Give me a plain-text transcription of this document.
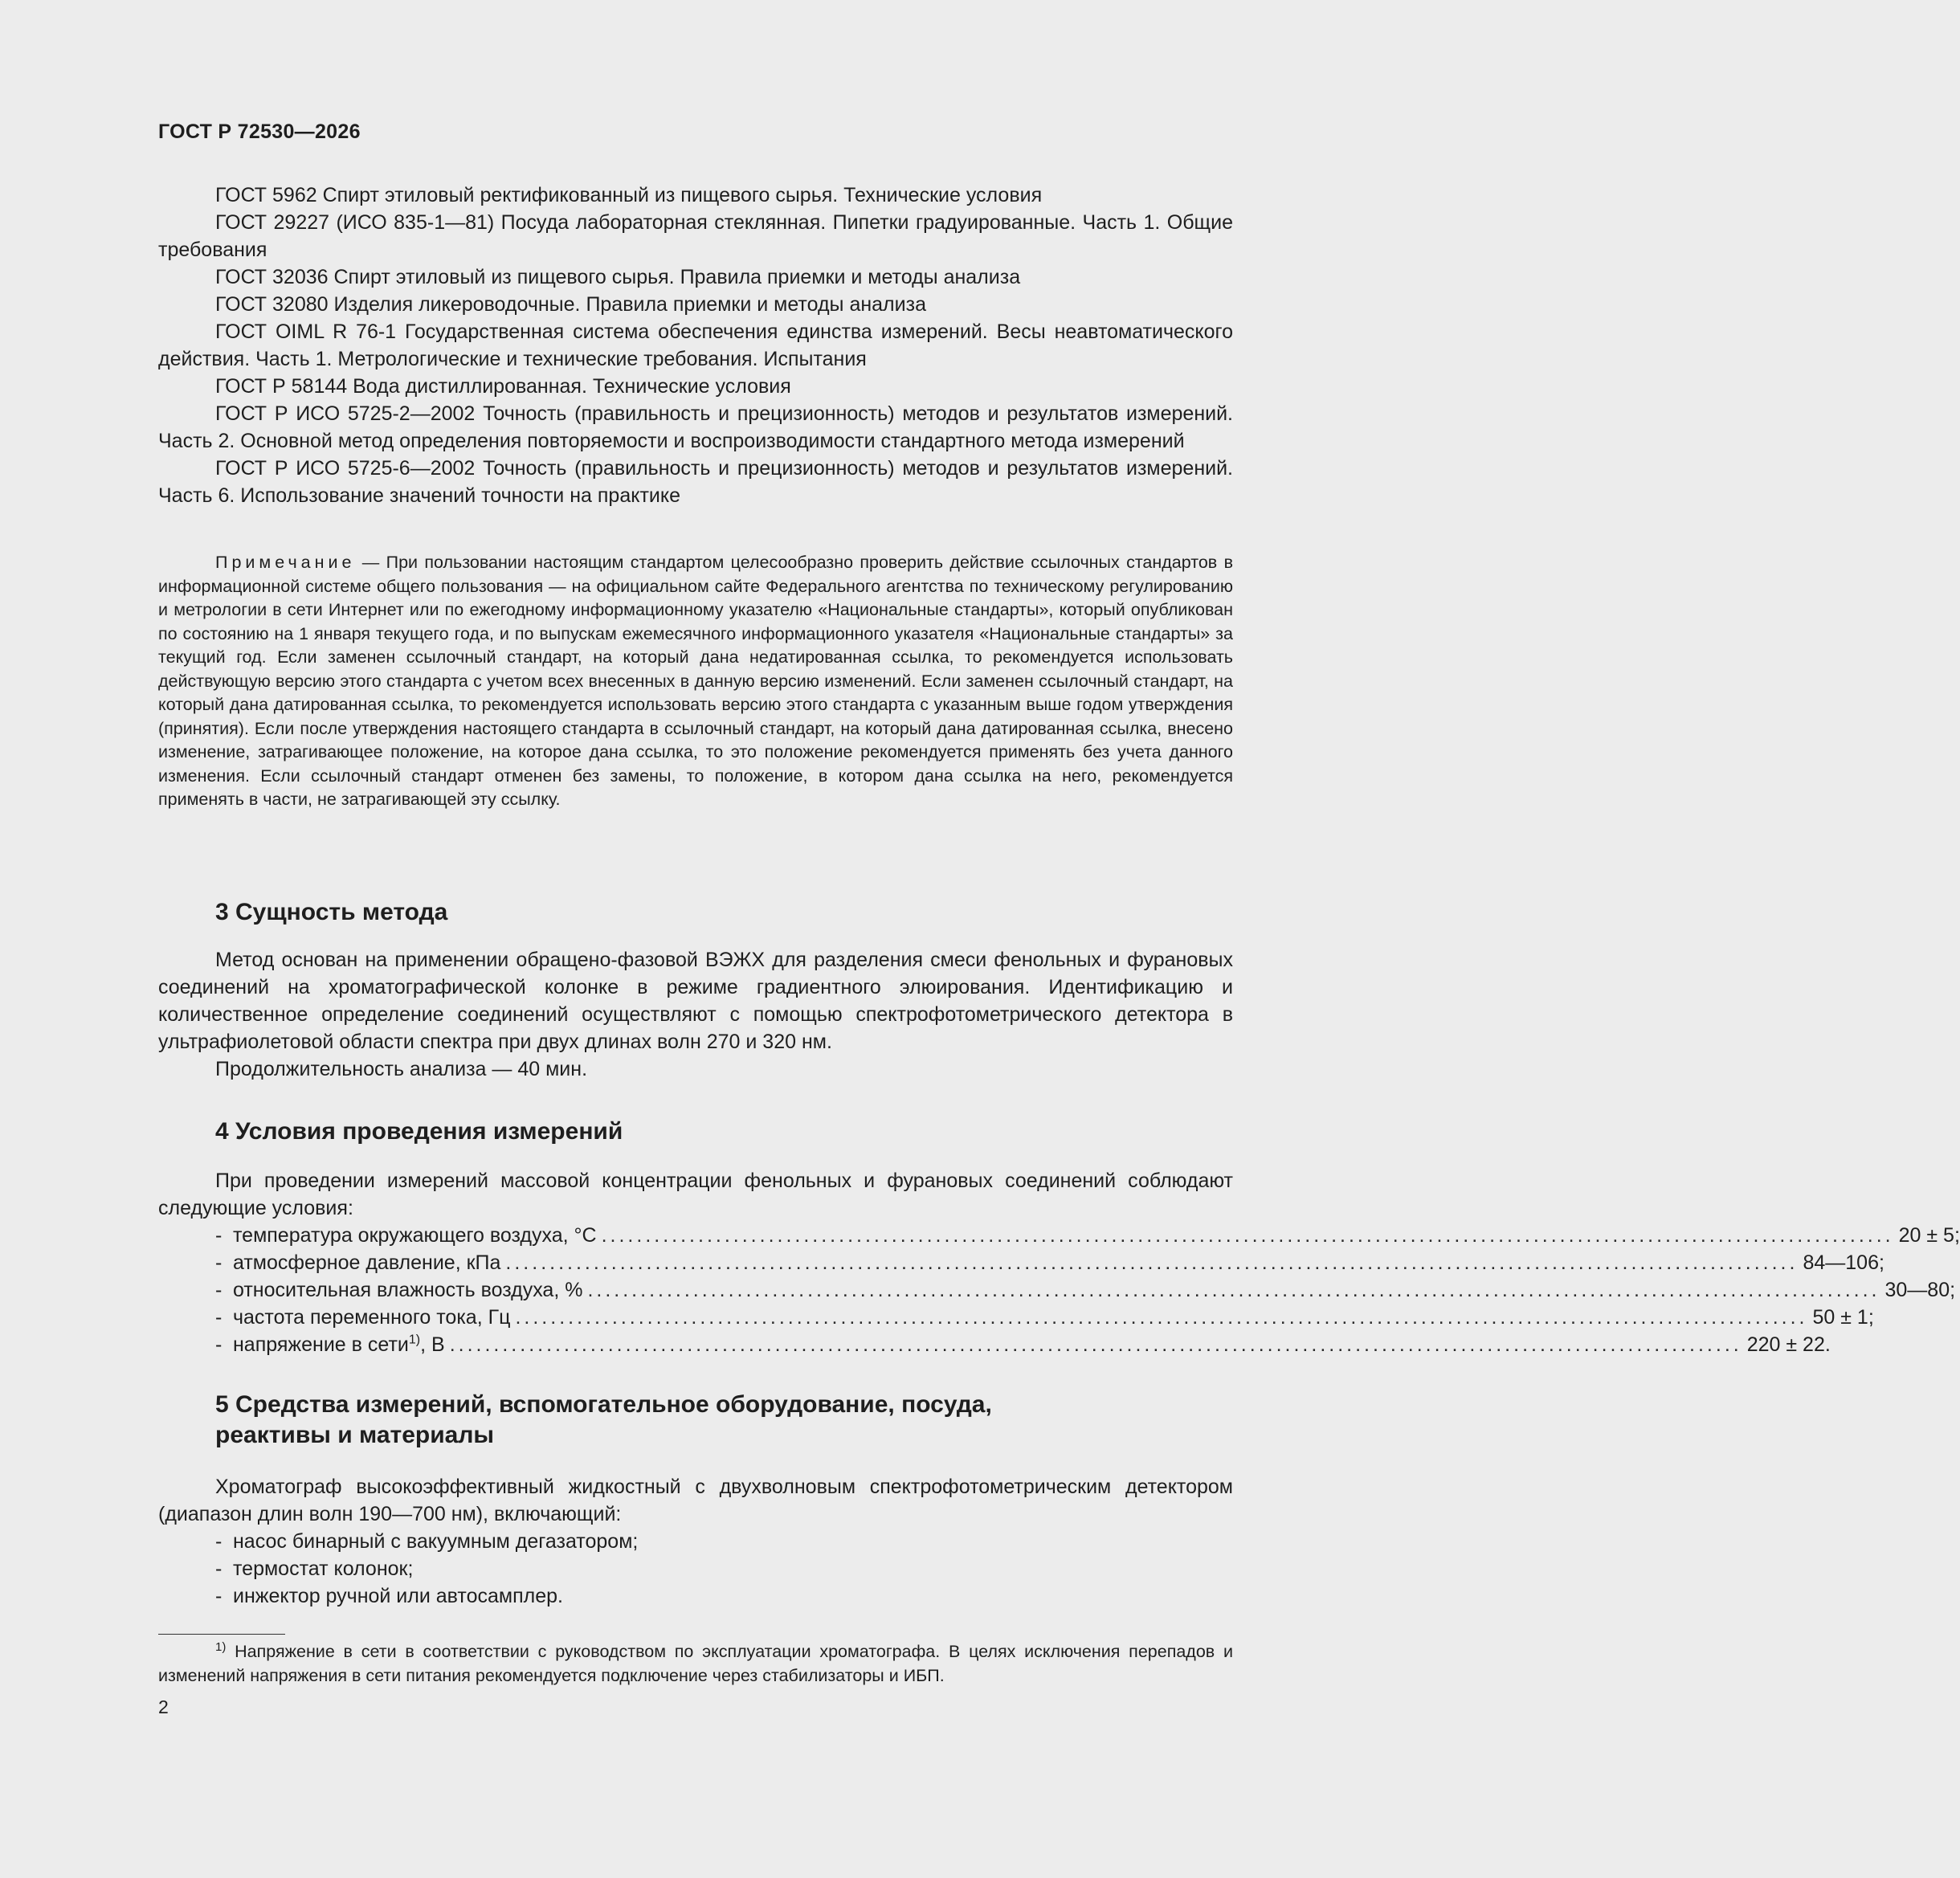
ГОСТ Р 72530—2026

ГОСТ 5962 Спирт этиловый ректификованный из пищевого сырья. Технические условия

ГОСТ 29227 (ИСО 835-1—81) Посуда лабораторная стеклянная. Пипетки градуированные. Часть 1. Общие требования

ГОСТ 32036 Спирт этиловый из пищевого сырья. Правила приемки и методы анализа

ГОСТ 32080 Изделия ликероводочные. Правила приемки и методы анализа

ГОСТ OIML R 76-1 Государственная система обеспечения единства измерений. Весы неавтоматического действия. Часть 1. Метрологические и технические требования. Испытания

ГОСТ Р 58144 Вода дистиллированная. Технические условия

ГОСТ Р ИСО 5725-2—2002 Точность (правильность и прецизионность) методов и результатов измерений. Часть 2. Основной метод определения повторяемости и воспроизводимости стандартного метода измерений

ГОСТ Р ИСО 5725-6—2002 Точность (правильность и прецизионность) методов и результатов измерений. Часть 6. Использование значений точности на практике

Примечание — При пользовании настоящим стандартом целесообразно проверить действие ссылочных стандартов в информационной системе общего пользования — на официальном сайте Федерального агентства по техническому регулированию и метрологии в сети Интернет или по ежегодному информационному указателю «Национальные стандарты», который опубликован по состоянию на 1 января текущего года, и по выпускам ежемесячного информационного указателя «Национальные стандарты» за текущий год. Если заменен ссылочный стандарт, на который дана недатированная ссылка, то рекомендуется использовать действующую версию этого стандарта с учетом всех внесенных в данную версию изменений. Если заменен ссылочный стандарт, на который дана датированная ссылка, то рекомендуется использовать версию этого стандарта с указанным выше годом утверждения (принятия). Если после утверждения настоящего стандарта в ссылочный стандарт, на который дана датированная ссылка, внесено изменение, затрагивающее положение, на которое дана ссылка, то это положение рекомендуется применять без учета данного изменения. Если ссылочный стандарт отменен без замены, то положение, в котором дана ссылка на него, рекомендуется применять в части, не затрагивающей эту ссылку.

3 Сущность метода

Метод основан на применении обращено-фазовой ВЭЖХ для разделения смеси фенольных и фурановых соединений на хроматографической колонке в режиме градиентного элюирования. Идентификацию и количественное определение соединений осуществляют с помощью спектрофотометрического детектора в ультрафиолетовой области спектра при двух длинах волн 270 и 320 нм.

Продолжительность анализа — 40 мин.

4 Условия проведения измерений

При проведении измерений массовой концентрации фенольных и фурановых соединений соблюдают следующие условия:

- температура окружающего воздуха, °С ................................................................................................................................................... 20 ± 5;
- атмосферное давление, кПа ................................................................................................................................................... 84—106;
- относительная влажность воздуха, % ................................................................................................................................................... 30—80;
- частота переменного тока, Гц ................................................................................................................................................... 50 ± 1;
- напряжение в сети$^{1)}$, В ................................................................................................................................................... 220 ± 22.
5 Средства измерений, вспомогательное оборудование, посуда,
реактивы и материалы

Хроматограф высокоэффективный жидкостный с двухволновым спектрофотометрическим детектором (диапазон длин волн 190—700 нм), включающий:

- насос бинарный с вакуумным дегазатором;
- термостат колонок;
- инжектор ручной или автосамплер.

$^{1)}$ Напряжение в сети в соответствии с руководством по эксплуатации хроматографа. В целях исключения перепадов и изменений напряжения в сети питания рекомендуется подключение через стабилизаторы и ИБП.

2
